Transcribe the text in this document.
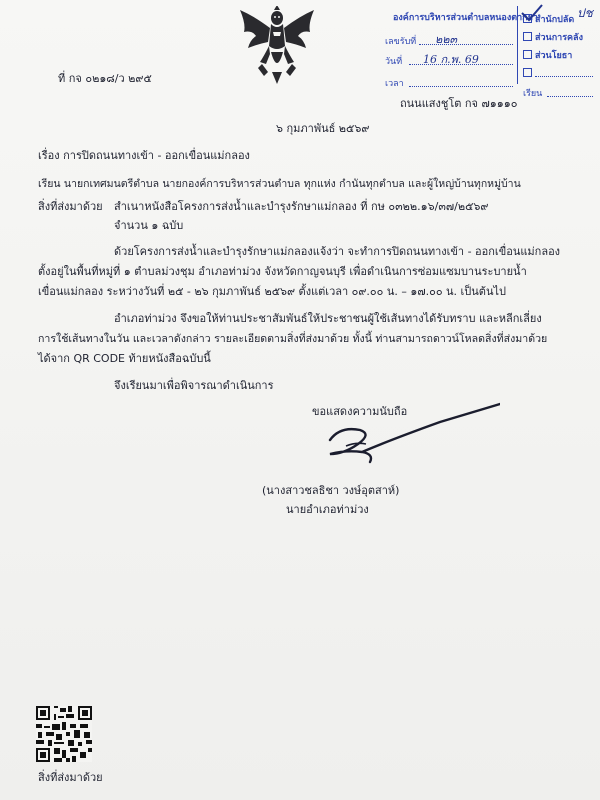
องค์การบริหารส่วนตำบลหนองตากยา
เลขรับที่ ๒๒๓
วันที่ 16 ก.พ. 69
เวลา
สำนักปลัด
ส่วนการคลัง
ส่วนโยธา
เรียน
ปช
ที่ กจ ๐๒๑๘/ว ๒๙๕
ถนนแสงชูโต กจ ๗๑๑๑๐
๖ กุมภาพันธ์ ๒๕๖๙
เรื่อง การปิดถนนทางเข้า - ออกเขื่อนแม่กลอง
เรียน นายกเทศมนตรีตำบล นายกองค์การบริหารส่วนตำบล ทุกแห่ง กำนันทุกตำบล และผู้ใหญ่บ้านทุกหมู่บ้าน
สิ่งที่ส่งมาด้วย สำเนาหนังสือโครงการส่งน้ำและบำรุงรักษาแม่กลอง ที่ กษ ๐๓๒๒.๑๖/๓๗/๒๕๖๙
จำนวน ๑ ฉบับ
ด้วยโครงการส่งน้ำและบำรุงรักษาแม่กลองแจ้งว่า จะทำการปิดถนนทางเข้า - ออกเขื่อนแม่กลอง
ตั้งอยู่ในพื้นที่หมู่ที่ ๑ ตำบลม่วงชุม อำเภอท่าม่วง จังหวัดกาญจนบุรี เพื่อดำเนินการซ่อมแซมบานระบายน้ำ
เขื่อนแม่กลอง ระหว่างวันที่ ๒๕ - ๒๖ กุมภาพันธ์ ๒๕๖๙ ตั้งแต่เวลา ๐๙.๐๐ น. – ๑๗.๐๐ น. เป็นต้นไป
อำเภอท่าม่วง จึงขอให้ท่านประชาสัมพันธ์ให้ประชาชนผู้ใช้เส้นทางได้รับทราบ และหลีกเลี่ยง
การใช้เส้นทางในวัน และเวลาดังกล่าว รายละเอียดตามสิ่งที่ส่งมาด้วย ทั้งนี้ ท่านสามารถดาวน์โหลดสิ่งที่ส่งมาด้วย
ได้จาก QR CODE ท้ายหนังสือฉบับนี้
จึงเรียนมาเพื่อพิจารณาดำเนินการ
ขอแสดงความนับถือ
(นางสาวชลธิชา วงษ์อุตสาห์)
นายอำเภอท่าม่วง
สิ่งที่ส่งมาด้วย
